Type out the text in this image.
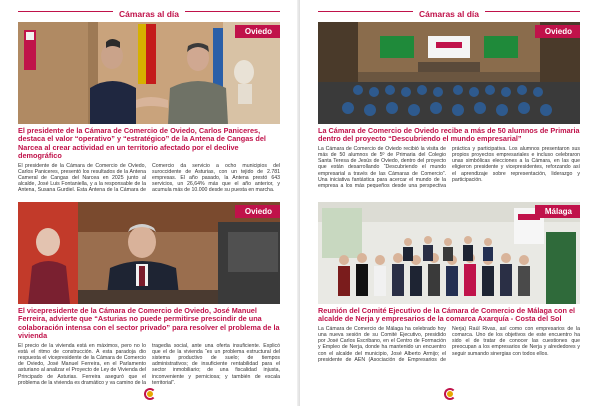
Cámaras al día
Oviedo
El presidente de la Cámara de Comercio de Oviedo, Carlos Paniceres, destaca el valor “operativo” y “estratégico” de la Antena de Cangas del Narcea al crear actividad en un territorio afectado por el declive demográfico
El presidente de la Cámara de Comercio de Oviedo, Carlos Paniceres, presentó los resultados de la Antena Cameral de Cangas del Narcea en 2025 junto al alcalde, José Luis Fontaniella, y a la responsable de la Antena, Susana Gurdiel. Esta Antena de la Cámara de Comercio da servicio a ocho municipios del suroccidente de Asturias, con un tejido de 2.781 empresas. El año pasado, la Antena prestó 643 servicios, un 26,64% más que el año anterior, y acumula más de 10.000 desde su puesta en marcha.
Oviedo
El vicepresidente de la Cámara de Comercio de Oviedo, José Manuel Ferreira, advierte que “Asturias no puede permitirse prescindir de una colaboración intensa con el sector privado” para resolver el problema de la vivienda
El precio de la vivienda está en máximos, pero no lo está el ritmo de construcción. A esta paradoja dio respuesta el vicepresidente de la Cámara de Comercio de Oviedo, José Manuel Ferreira, en el Parlamento asturiano al analizar el Proyecto de Ley de Vivienda del Principado de Asturias. Ferreira aseguró que el problema de la vivienda es dramático y va camino de la tragedia social, ante una oferta insuficiente. Explicó que el de la vivienda “es un problema estructural del sistema productivo de suelo; de tiempos administrativos; de insuficiente rentabilidad para el sector inmobiliario; de una fiscalidad injusta, inconveniente y perniciosa; y también de escala territorial”.
Cámaras al día
Oviedo
La Cámara de Comercio de Oviedo recibe a más de 50 alumnos de Primaria dentro del proyecto “Descubriendo el mundo empresarial”
La Cámara de Comercio de Oviedo recibió la visita de más de 50 alumnos de 5º de Primaria del Colegio Santa Teresa de Jesús de Oviedo, dentro del proyecto que están desarrollando “Descubriendo el mundo empresarial a través de las Cámaras de Comercio”. Una iniciativa fantástica para acercar el mundo de la empresa a los más pequeños desde una perspectiva práctica y participativa. Los alumnos presentaron sus propios proyectos empresariales e incluso celebraron unas simbólicas elecciones a la Cámara, en las que eligieron presidente y vicepresidentes, reforzando así el aprendizaje sobre representación, liderazgo y participación.
Málaga
Reunión del Comité Ejecutivo de la Cámara de Comercio de Málaga con el alcalde de Nerja y empresarios de la comarca Axarquía - Costa del Sol
La Cámara de Comercio de Málaga ha celebrado hoy una nueva sesión de su Comité Ejecutivo, presidido por José Carlos Escribano, en el Centro de Formación y Empleo de Nerja, donde ha mantenido un encuentro con el alcalde del municipio, José Alberto Armijo; el presidente de AEN (Asociación de Empresarios de Nerja) Raúl Rivas, así como con empresarios de la comarca. Uno de los objetivos de este encuentro ha sido el de tratar de conocer las cuestiones que preocupan a los empresarios de Nerja y alrededores y seguir sumando sinergias con todos ellos.
